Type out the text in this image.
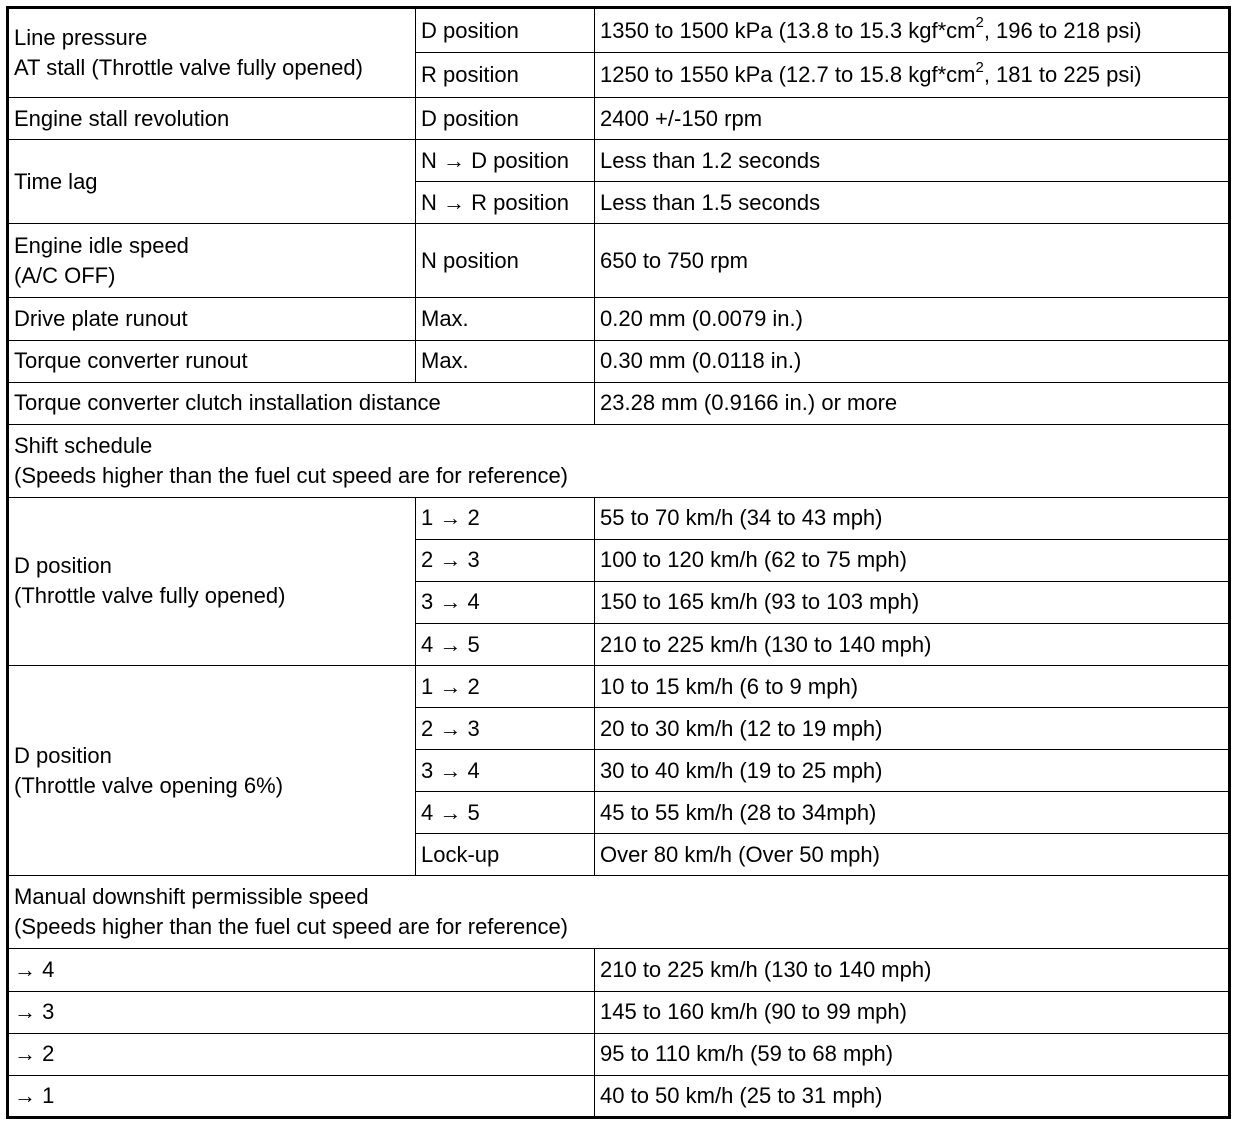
Line pressure
AT stall (Throttle valve fully opened)	D position	1350 to 1500 kPa (13.8 to 15.3 $kgf*cm^2$, 196 to 218 psi)
	R position	1250 to 1550 kPa (12.7 to 15.8 $kgf*cm^2$, 181 to 225 psi)
Engine stall revolution	D position	2400 +/-150 rpm
Time lag	N → D position	Less than 1.2 seconds
	N → R position	Less than 1.5 seconds

Engine idle speed
(A/C OFF)	N position	650 to 750 rpm
Drive plate runout	Max.	0.20 mm (0.0079 in.)
Torque converter runout	Max.	0.30 mm (0.0118 in.)
Torque converter clutch installation distance		23.28 mm (0.9166 in.) or more

Shift schedule
(Speeds higher than the fuel cut speed are for reference)		

D position
(Throttle valve fully opened)	1 → 2	55 to 70 km/h (34 to 43 mph)
	2 → 3	100 to 120 km/h (62 to 75 mph)
	3 → 4	150 to 165 km/h (93 to 103 mph)
	4 → 5	210 to 225 km/h (130 to 140 mph)

D position
(Throttle valve opening 6%)	1 → 2	10 to 15 km/h (6 to 9 mph)
	2 → 3	20 to 30 km/h (12 to 19 mph)
	3 → 4	30 to 40 km/h (19 to 25 mph)
	4 → 5	45 to 55 km/h (28 to 34mph)
	Lock-up	Over 80 km/h (Over 50 mph)

Manual downshift permissible speed
(Speeds higher than the fuel cut speed are for reference)		

→ 4		210 to 225 km/h (130 to 140 mph)
→ 3		145 to 160 km/h (90 to 99 mph)
→ 2		95 to 110 km/h (59 to 68 mph)
→ 1		40 to 50 km/h (25 to 31 mph)
